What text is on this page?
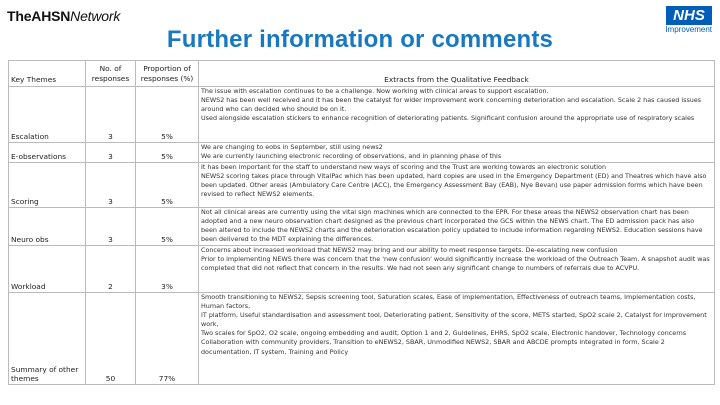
TheAHSNNetwork	NHS
Improvement
Further information or comments
Key Themes	No. of responses	Proportion of responses (%)	Extracts from the Qualitative Feedback
Escalation	3	5%	The issue with escalation continues to be a challenge. Now working with clinical areas to support escalation.
NEWS2 has been well received and it has been the catalyst for wider improvement work concerning deterioration and escalation. Scale 2 has caused issues around who can decided who should be on it.
Used alongside escalation stickers to enhance recognition of deteriorating patients. Significant confusion around the appropriate use of respiratory scales
E-observations	3	5%	We are changing to eobs in September, still using news2
We are currently launching electronic recording of observations, and in planning phase of this
Scoring	3	5%	It has been important for the staff to understand new ways of scoring and the Trust are working towards an electronic solution
NEWS2 scoring takes place through VitalPac which has been updated, hard copies are used in the Emergency Department (ED) and Theatres which have also been updated. Other areas (Ambulatory Care Centre (ACC), the Emergency Assessment Bay (EAB), Nye Bevan) use paper admission forms which have been revised to reflect NEWS2 elements.
Neuro obs	3	5%	Not all clinical areas are currently using the vital sign machines which are connected to the EPR. For these areas the NEWS2 observation chart has been adopted and a new neuro observation chart designed as the previous chart incorporated the GCS within the NEWS chart. The ED admission pack has also been altered to include the NEWS2 charts and the deterioration escalation policy updated to include information regarding NEWS2. Education sessions have been delivered to the MDT explaining the differences.
Workload	2	3%	Concerns about increased workload that NEWS2 may bring and our ability to meet response targets. De-escalating new confusion
Prior to implementing NEWS there was concern that the 'new confusion' would significantly increase the workload of the Outreach Team. A snapshot audit was completed that did not reflect that concern in the results. We had not seen any significant change to numbers of referrals due to ACVPU.
Summary of other themes	50	77%	Smooth transitioning to NEWS2, Sepsis screening tool, Saturation scales, Ease of implementation, Effectiveness of outreach teams, Implementation costs, Human factors,
IT platform, Useful standardisation and assessment tool, Deteriorating patient, Sensitivity of the score, METS started, SpO2 scale 2, Catalyst for improvement work,
Two scales for SpO2, O2 scale, ongoing embedding and audit, Option 1 and 2, Guidelines, EHRS, SpO2 scale, Electronic handover, Technology concerns
Collaboration with community providers, Transition to eNEWS2, SBAR, Unmodified NEWS2, SBAR and ABCDE prompts integrated in form, Scale 2 documentation, IT system, Training and Policy
